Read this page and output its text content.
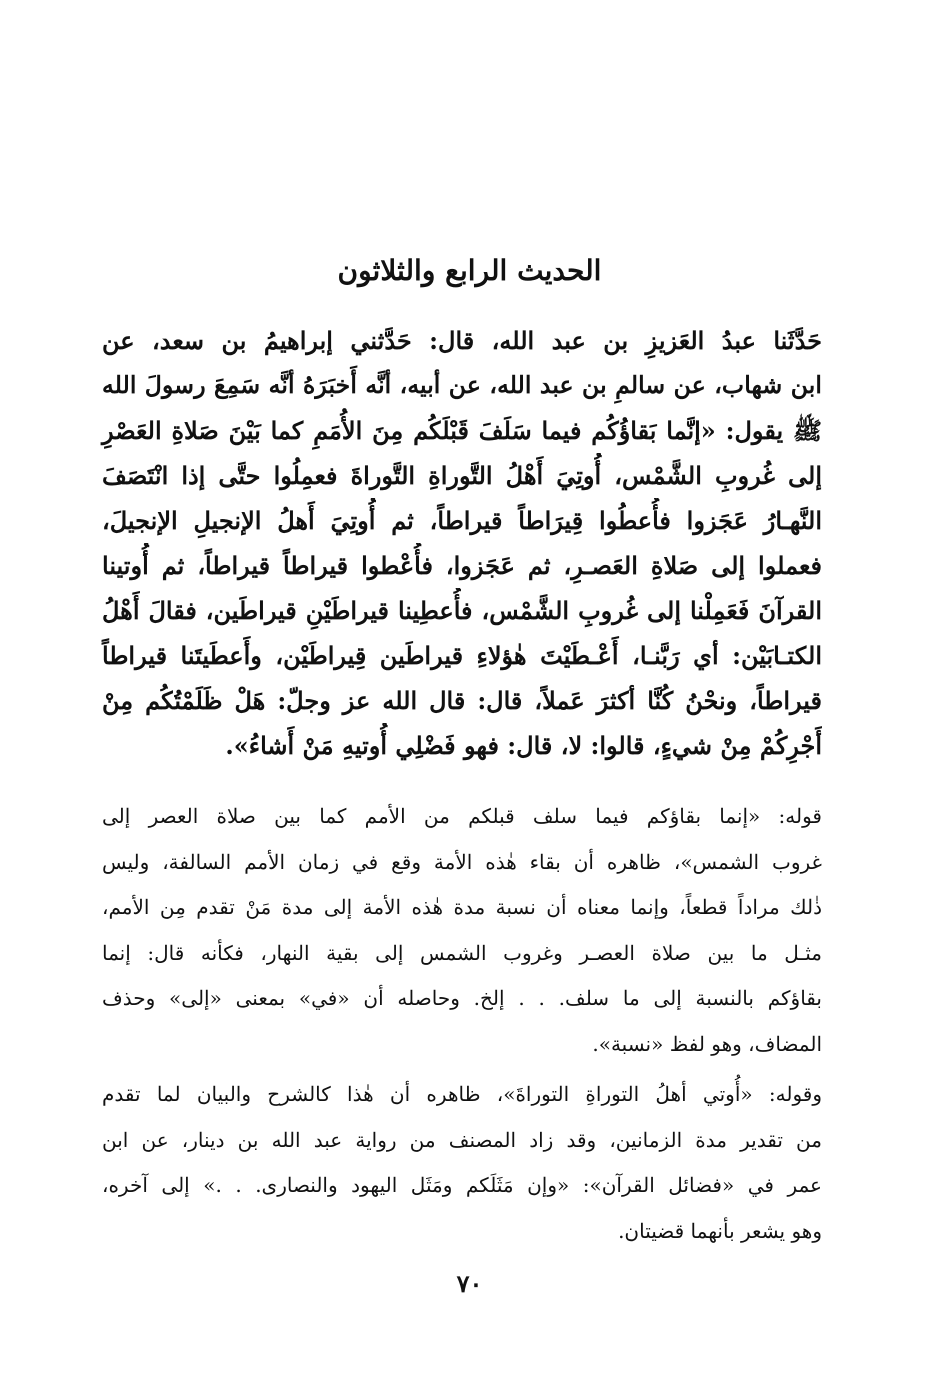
الحديث الرابع والثلاثون
حَدَّثَنا عبدُ العَزيزِ بن عبد الله، قال: حَدَّثني إبراهيمُ بن سعد، عن
ابن شهاب، عن سالمِ بن عبد الله، عن أبيه، أنَّه أَخبَرَهُ أنَّه سَمِعَ رسولَ الله
ﷺ يقول: «إنَّما بَقاؤُكُم فيما سَلَفَ قَبْلَكُم مِنَ الأُمَمِ كما بَيْنَ صَلاةِ العَصْرِ
إلى غُروبِ الشَّمْس، أُوتِيَ أَهْلُ التَّوراةِ التَّوراةَ فعمِلُوا حتَّى إذا انْتَصَفَ
النَّهـارُ عَجَزوا فأُعطُوا قِيرَاطاً قيراطاً، ثم أُوتِيَ أَهلُ الإنجيلِ الإنجيلَ،
فعملوا إلى صَلاةِ العَصـرِ، ثم عَجَزوا، فأُعْطوا قيراطاً قيراطاً، ثم أُوتينا
القرآنَ فَعَمِلْنا إلى غُروبِ الشَّمْس، فأُعطِينا قيراطَيْنِ قيراطَين، فقالَ أَهْلُ
الكتـابَيْن: أي رَبَّنـا، أَعْـطَيْتَ هٰؤلاءِ قيراطَين قِيراطَيْن، وأَعطَيتَنا قيراطاً
قيراطاً، ونحْنُ كُنَّا أكثرَ عَملاً، قال: قال الله عز وجلّ: هَلْ ظَلَمْتُكُم مِنْ
أَجْرِكُمْ مِنْ شيءٍ، قالوا: لا، قال: فهو فَضْلِي أُوتيهِ مَنْ أَشاءُ».
قوله: «إنما بقاؤكم فيما سلف قبلكم من الأمم كما بين صلاة العصر إلى
غروب الشمس»، ظاهره أن بقاء هٰذه الأمة وقع في زمان الأمم السالفة، وليس
ذٰلك مراداً قطعاً، وإنما معناه أن نسبة مدة هٰذه الأمة إلى مدة مَنْ تقدم مِن الأمم،
مثـل ما بين صلاة العصـر وغروب الشمس إلى بقية النهار، فكأنه قال: إنما
بقاؤكم بالنسبة إلى ما سلف. . . إلخ. وحاصله أن «في» بمعنى «إلى» وحذف
المضاف، وهو لفظ «نسبة».
وقوله: «أُوتي أهلُ التوراةِ التوراةَ»، ظاهره أن هٰذا كالشرح والبيان لما تقدم
من تقدير مدة الزمانين، وقد زاد المصنف من رواية عبد الله بن دينار، عن ابن
عمر في «فضائل القرآن»: «وإن مَثَلَكم ومَثَل اليهود والنصارى. . .» إلى آخره،
وهو يشعر بأنهما قضيتان.
٧٠
